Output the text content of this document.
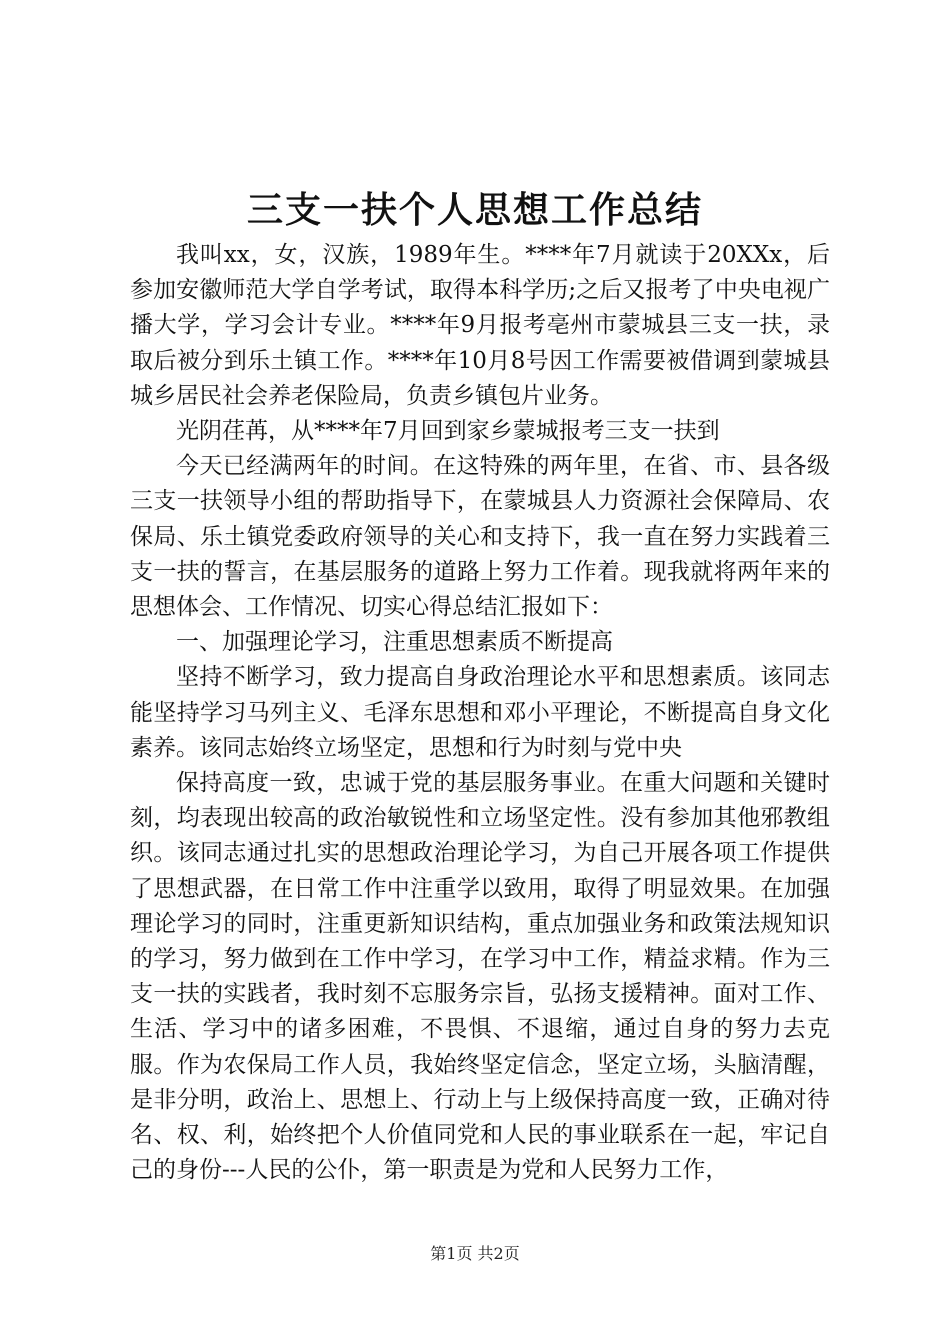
三支一扶个人思想工作总结

我叫xx，女，汉族，1989年生。****年7月就读于20XXx，后参加安徽师范大学自学考试，取得本科学历;之后又报考了中央电视广播大学，学习会计专业。****年9月报考亳州市蒙城县三支一扶，录取后被分到乐土镇工作。****年10月8号因工作需要被借调到蒙城县城乡居民社会养老保险局，负责乡镇包片业务。

光阴荏苒，从****年7月回到家乡蒙城报考三支一扶到

今天已经满两年的时间。在这特殊的两年里，在省、市、县各级三支一扶领导小组的帮助指导下，在蒙城县人力资源社会保障局、农保局、乐土镇党委政府领导的关心和支持下，我一直在努力实践着三支一扶的誓言，在基层服务的道路上努力工作着。现我就将两年来的思想体会、工作情况、切实心得总结汇报如下：

一、加强理论学习，注重思想素质不断提高

坚持不断学习，致力提高自身政治理论水平和思想素质。该同志能坚持学习马列主义、毛泽东思想和邓小平理论，不断提高自身文化素养。该同志始终立场坚定，思想和行为时刻与党中央

保持高度一致，忠诚于党的基层服务事业。在重大问题和关键时刻，均表现出较高的政治敏锐性和立场坚定性。没有参加其他邪教组织。该同志通过扎实的思想政治理论学习，为自己开展各项工作提供了思想武器，在日常工作中注重学以致用，取得了明显效果。在加强理论学习的同时，注重更新知识结构，重点加强业务和政策法规知识的学习，努力做到在工作中学习，在学习中工作，精益求精。作为三支一扶的实践者，我时刻不忘服务宗旨，弘扬支援精神。面对工作、生活、学习中的诸多困难，不畏惧、不退缩，通过自身的努力去克服。作为农保局工作人员，我始终坚定信念，坚定立场，头脑清醒，是非分明，政治上、思想上、行动上与上级保持高度一致，正确对待名、权、利，始终把个人价值同党和人民的事业联系在一起，牢记自己的身份---人民的公仆，第一职责是为党和人民努力工作，

第1页 共2页
